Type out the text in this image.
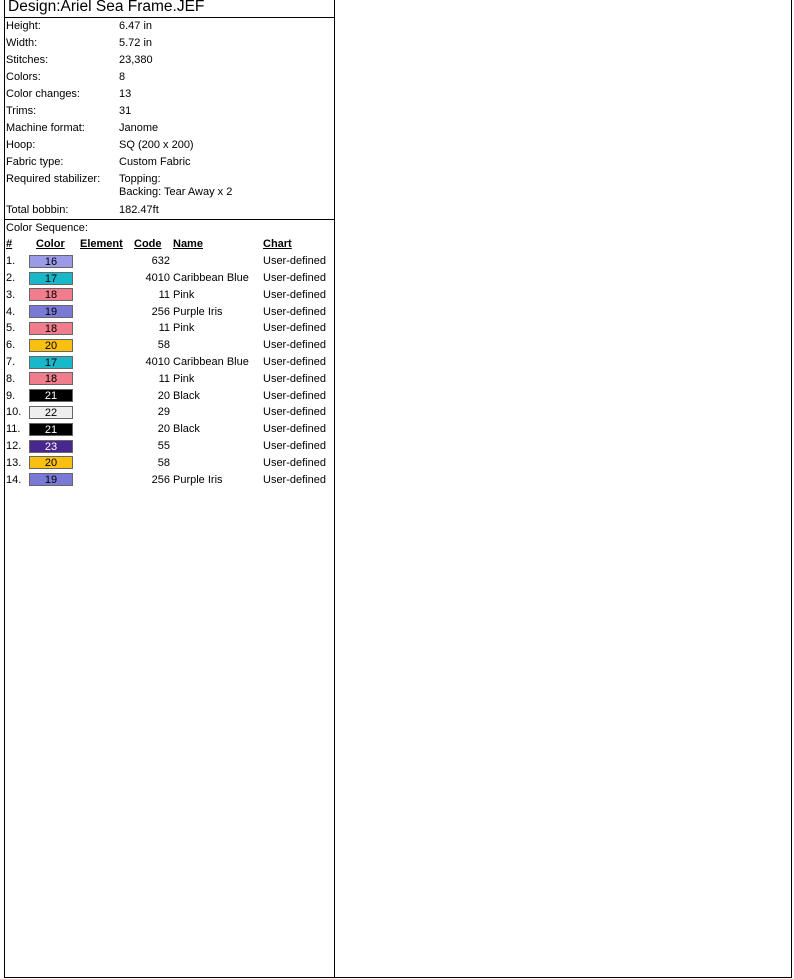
Design:Ariel Sea Frame.JEF
Height:	6.47 in
Width:	5.72 in
Stitches:	23,380
Colors:	8
Color changes:	13
Trims:	31
Machine format:	Janome
Hoop:	SQ (200 x 200)
Fabric type:	Custom Fabric
Required stabilizer:	Topping:
Backing: Tear Away x 2
Total bobbin:	182.47ft
Color Sequence:
#	Color	Element	Code	Name	Chart
1.	16		632		User-defined
2.	17		4010	Caribbean Blue	User-defined
3.	18		11	Pink	User-defined
4.	19		256	Purple Iris	User-defined
5.	18		11	Pink	User-defined
6.	20		58		User-defined
7.	17		4010	Caribbean Blue	User-defined
8.	18		11	Pink	User-defined
9.	21		20	Black	User-defined
10.	22		29		User-defined
11.	21		20	Black	User-defined
12.	23		55		User-defined
13.	20		58		User-defined
14.	19		256	Purple Iris	User-defined
